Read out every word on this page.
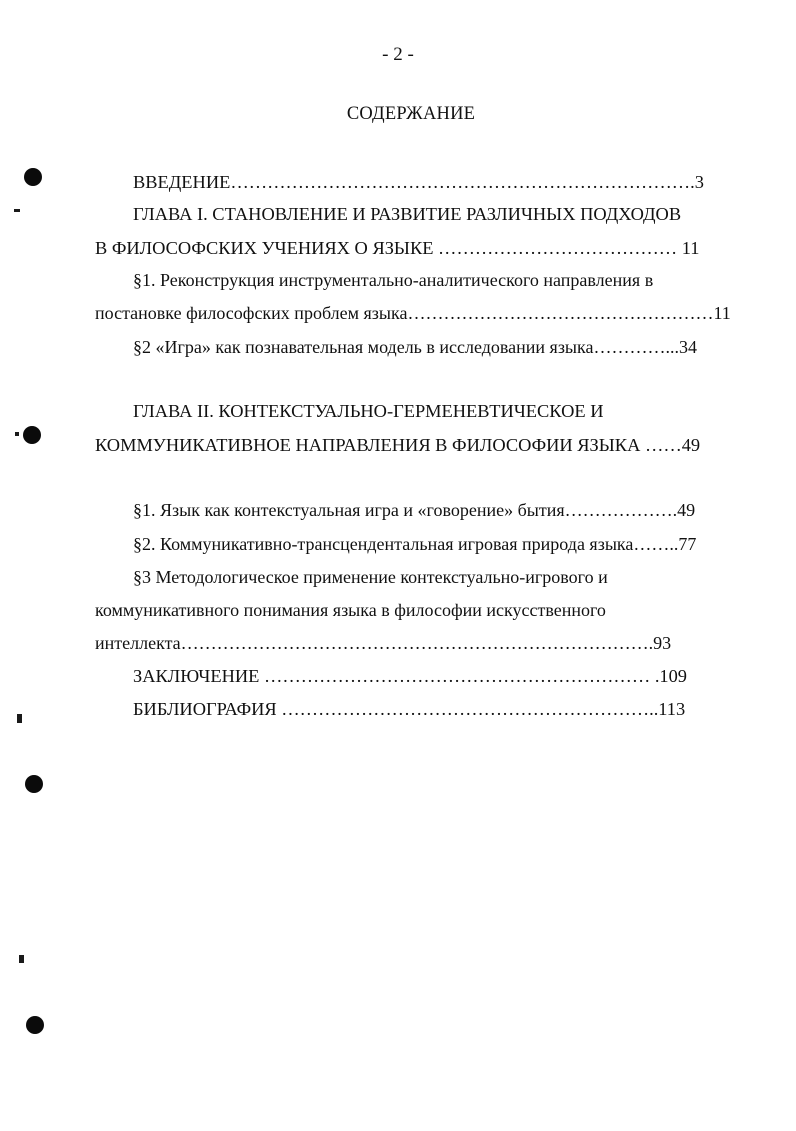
- 2 -
СОДЕРЖАНИЕ
ВВЕДЕНИЕ………………………………………………………………….3
ГЛАВА I. СТАНОВЛЕНИЕ И РАЗВИТИЕ РАЗЛИЧНЫХ ПОДХОДОВ
В ФИЛОСОФСКИХ УЧЕНИЯХ О ЯЗЫКЕ ………………………………… 11
§1. Реконструкция инструментально-аналитического направления в
постановке философских проблем языка……………………………………………11
§2 «Игра» как познавательная модель в исследовании языка…………...34
ГЛАВА II. КОНТЕКСТУАЛЬНО-ГЕРМЕНЕВТИЧЕСКОЕ И
КОММУНИКАТИВНОЕ НАПРАВЛЕНИЯ В ФИЛОСОФИИ ЯЗЫКА ……49
§1. Язык как контекстуальная игра и «говорение» бытия……………….49
§2. Коммуникативно-трансцендентальная игровая природа языка……..77
§3 Методологическое применение контекстуально-игрового и
коммуникативного понимания языка в философии искусственного
интеллекта…………………………………………………………………….93
ЗАКЛЮЧЕНИЕ ……………………………………………………… .109
БИБЛИОГРАФИЯ ……………………………………………………..113
